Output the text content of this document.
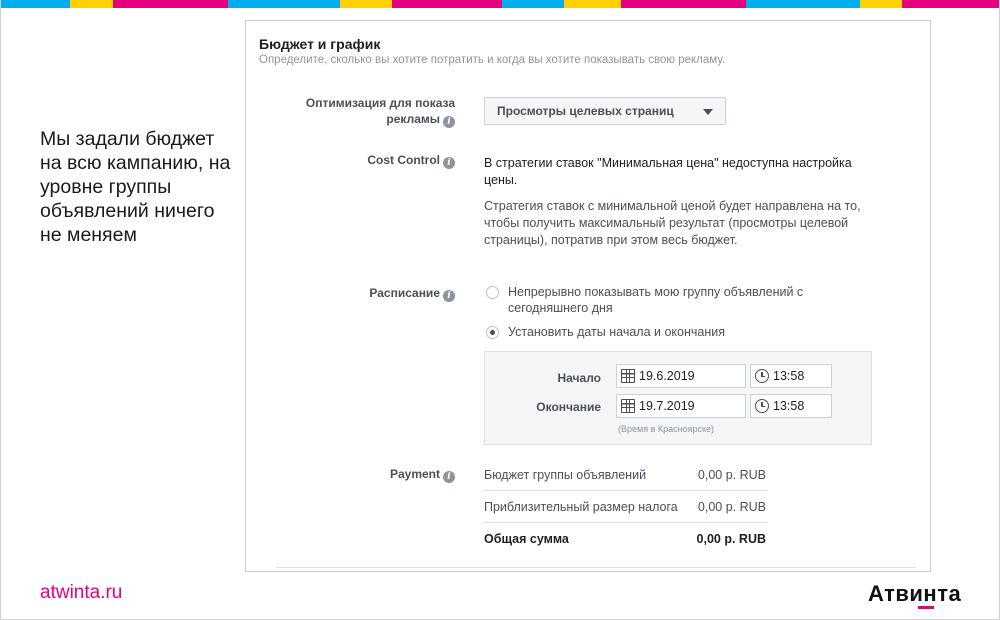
Мы задали бюджет на всю кампанию, на уровне группы объявлений ничего не меняем
Бюджет и график
Определите, сколько вы хотите потратить и когда вы хотите показывать свою рекламу.
Оптимизация для показа рекламы i
Просмотры целевых страниц
Cost Control i	В стратегии ставок "Минимальная цена" недоступна настройка цены.
Стратегия ставок с минимальной ценой будет направлена на то, чтобы получить максимальный результат (просмотры целевой страницы), потратив при этом весь бюджет.
Расписание i	Непрерывно показывать мою группу объявлений с сегодняшнего дня
Установить даты начала и окончания
Начало	19.6.2019	13:58
Окончание	19.7.2019	13:58
(Время в Красноярске)
Payment i	Бюджет группы объявлений	0,00 р. RUB
Приблизительный размер налога 0,00 р. RUB
Общая сумма	0,00 р. RUB
atwinta.ru	Атвинта
